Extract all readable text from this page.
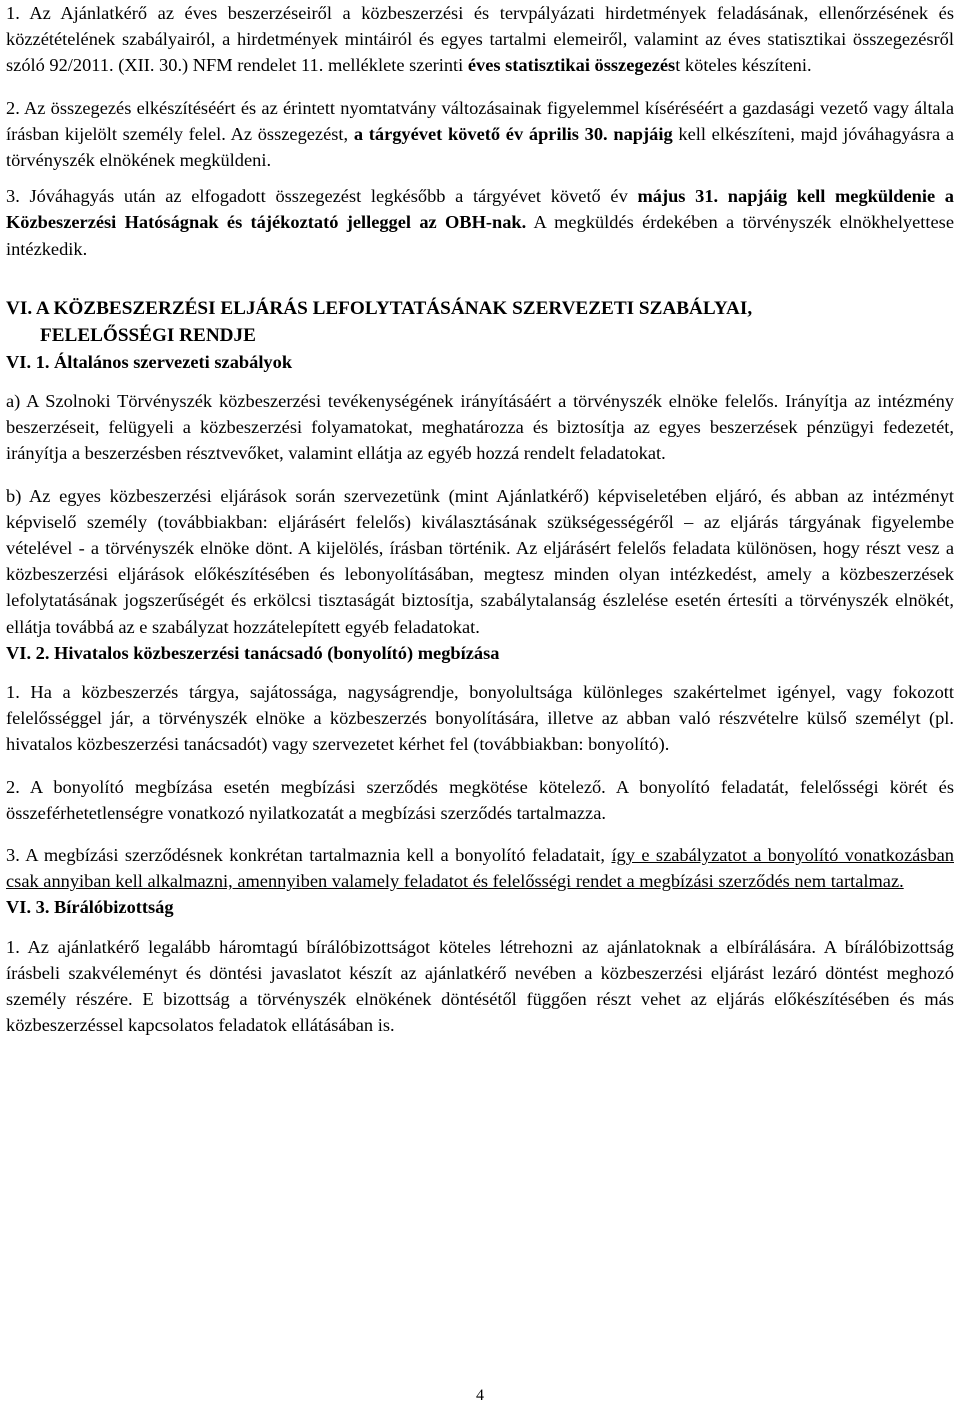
1. Az Ajánlatkérő az éves beszerzéseiről a közbeszerzési és tervpályázati hirdetmények feladásának, ellenőrzésének és közzétételének szabályairól, a hirdetmények mintáiról és egyes tartalmi elemeiről, valamint az éves statisztikai összegezésről szóló 92/2011. (XII. 30.) NFM rendelet 11. melléklete szerinti éves statisztikai összegezést köteles készíteni.

2. Az összegezés elkészítéséért és az érintett nyomtatvány változásainak figyelemmel kíséréséért a gazdasági vezető vagy általa írásban kijelölt személy felel. Az összegezést, a tárgyévet követő év április 30. napjáig kell elkészíteni, majd jóváhagyásra a törvényszék elnökének megküldeni.

3. Jóváhagyás után az elfogadott összegezést legkésőbb a tárgyévet követő év május 31. napjáig kell megküldenie a Közbeszerzési Hatóságnak és tájékoztató jelleggel az OBH-nak. A megküldés érdekében a törvényszék elnökhelyettese intézkedik.

VI. A KÖZBESZERZÉSI ELJÁRÁS LEFOLYTATÁSÁNAK SZERVEZETI SZABÁLYAI,
FELELŐSSÉGI RENDJE

VI. 1. Általános szervezeti szabályok

a) A Szolnoki Törvényszék közbeszerzési tevékenységének irányításáért a törvényszék elnöke felelős. Irányítja az intézmény beszerzéseit, felügyeli a közbeszerzési folyamatokat, meghatározza és biztosítja az egyes beszerzések pénzügyi fedezetét, irányítja a beszerzésben résztvevőket, valamint ellátja az egyéb hozzá rendelt feladatokat.

b) Az egyes közbeszerzési eljárások során szervezetünk (mint Ajánlatkérő) képviseletében eljáró, és abban az intézményt képviselő személy (továbbiakban: eljárásért felelős) kiválasztásának szükségességéről – az eljárás tárgyának figyelembe vételével - a törvényszék elnöke dönt. A kijelölés, írásban történik. Az eljárásért felelős feladata különösen, hogy részt vesz a közbeszerzési eljárások előkészítésében és lebonyolításában, megtesz minden olyan intézkedést, amely a közbeszerzések lefolytatásának jogszerűségét és erkölcsi tisztaságát biztosítja, szabálytalanság észlelése esetén értesíti a törvényszék elnökét, ellátja továbbá az e szabályzat hozzátelepített egyéb feladatokat.

VI. 2. Hivatalos közbeszerzési tanácsadó (bonyolító) megbízása

1. Ha a közbeszerzés tárgya, sajátossága, nagyságrendje, bonyolultsága különleges szakértelmet igényel, vagy fokozott felelősséggel jár, a törvényszék elnöke a közbeszerzés bonyolítására, illetve az abban való részvételre külső személyt (pl. hivatalos közbeszerzési tanácsadót) vagy szervezetet kérhet fel (továbbiakban: bonyolító).

2. A bonyolító megbízása esetén megbízási szerződés megkötése kötelező. A bonyolító feladatát, felelősségi körét és összeférhetetlenségre vonatkozó nyilatkozatát a megbízási szerződés tartalmazza.

3. A megbízási szerződésnek konkrétan tartalmaznia kell a bonyolító feladatait, így e szabályzatot a bonyolító vonatkozásban csak annyiban kell alkalmazni, amennyiben valamely feladatot és felelősségi rendet a megbízási szerződés nem tartalmaz.

VI. 3. Bírálóbizottság

1. Az ajánlatkérő legalább háromtagú bírálóbizottságot köteles létrehozni az ajánlatoknak a elbírálására. A bírálóbizottság írásbeli szakvéleményt és döntési javaslatot készít az ajánlatkérő nevében a közbeszerzési eljárást lezáró döntést meghozó személy részére. E bizottság a törvényszék elnökének döntésétől függően részt vehet az eljárás előkészítésében és más közbeszerzéssel kapcsolatos feladatok ellátásában is.

4
